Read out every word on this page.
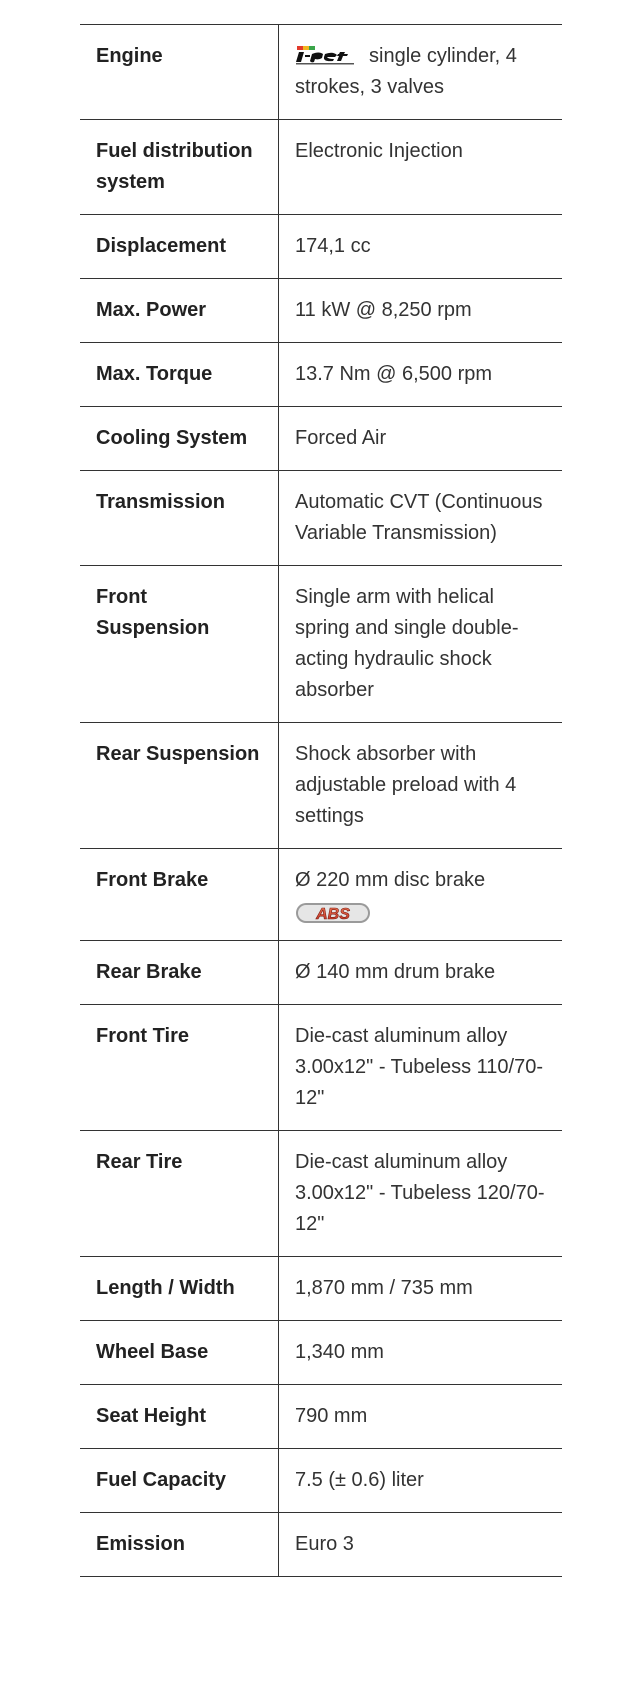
Engine	single cylinder, 4 strokes, 3 valves
Fuel distribution system	Electronic Injection
Displacement	174,1 cc
Max. Power	11 kW @ 8,250 rpm
Max. Torque	13.7 Nm @ 6,500 rpm
Cooling System	Forced Air
Transmission	Automatic CVT (Continuous Variable Transmission)
Front Suspension	Single arm with helical spring and single double-acting hydraulic shock absorber
Rear Suspension	Shock absorber with adjustable preload with 4 settings
Front Brake	Ø 220 mm disc brake
ABS

Rear Brake	Ø 140 mm drum brake
Front Tire	Die-cast aluminum alloy 3.00x12" - Tubeless 110/70-12"
Rear Tire	Die-cast aluminum alloy 3.00x12" - Tubeless 120/70-12"
Length / Width	1,870 mm / 735 mm
Wheel Base	1,340 mm
Seat Height	790 mm
Fuel Capacity	7.5 (± 0.6) liter
Emission	Euro 3
